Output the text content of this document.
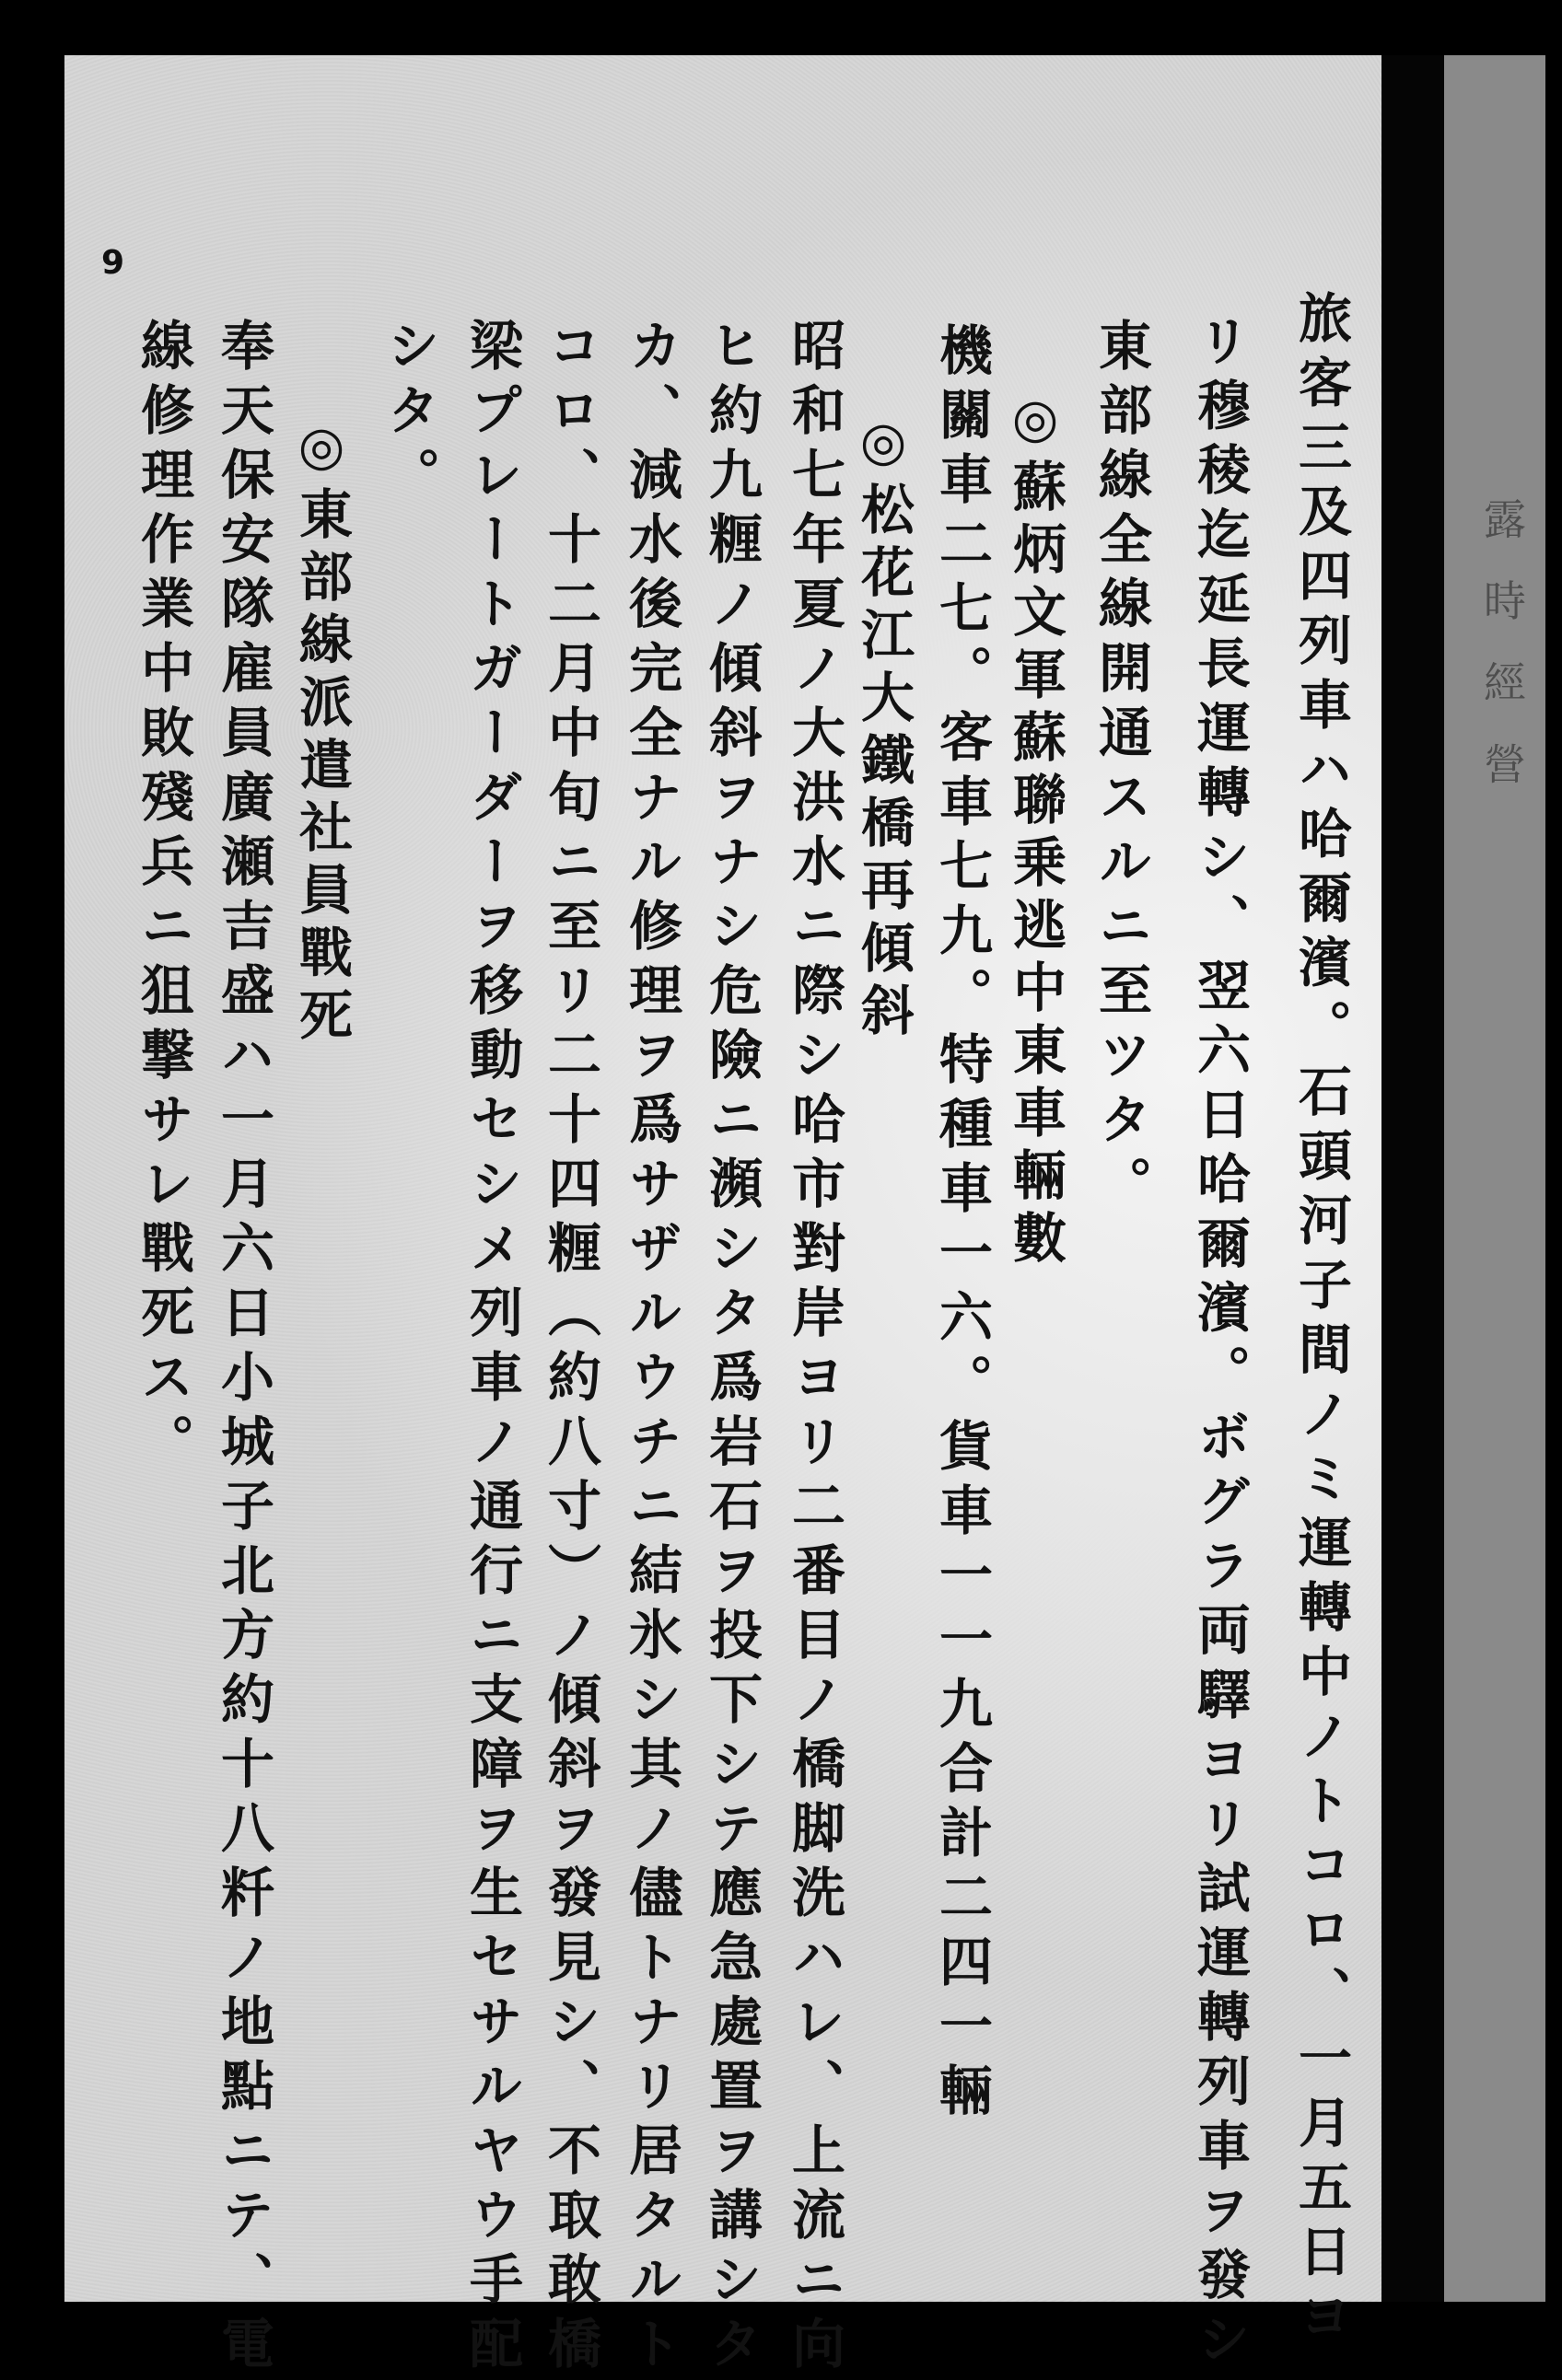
露 時 經 營
9
旅客三及四列車ハ哈爾濱。石頭河子間ノミ運轉中ノトコロ、一月五日ヨ
リ穆稜迄延長運轉シ、翌六日哈爾濱。ボグラ両驛ヨリ試運轉列車ヲ發シ
東部線全線開通スルニ至ツタ。
◎蘇炳文軍蘇聯乗逃中東車輛數
機關車二七。客車七九。特種車一六。貨車一一九合計二四一輛
◎松花江大鐵橋再傾斜
昭和七年夏ノ大洪水ニ際シ哈市對岸ヨリ二番目ノ橋脚洗ハレ、上流ニ向
ヒ約九糎ノ傾斜ヲナシ危險ニ瀕シタ爲岩石ヲ投下シテ應急處置ヲ講シタ
カ、減水後完全ナル修理ヲ爲サザルウチニ結氷シ其ノ儘トナリ居タルト
コロ、十二月中旬ニ至リ二十四糎（約八寸）ノ傾斜ヲ發見シ、不取敢橋
梁プレートガーダーヲ移動セシメ列車ノ通行ニ支障ヲ生セサルヤウ手配
シタ。
◎東部線派遣社員戰死
奉天保安隊雇員廣瀬吉盛ハ一月六日小城子北方約十八粁ノ地點ニテ、電
線修理作業中敗殘兵ニ狙撃サレ戰死ス。
